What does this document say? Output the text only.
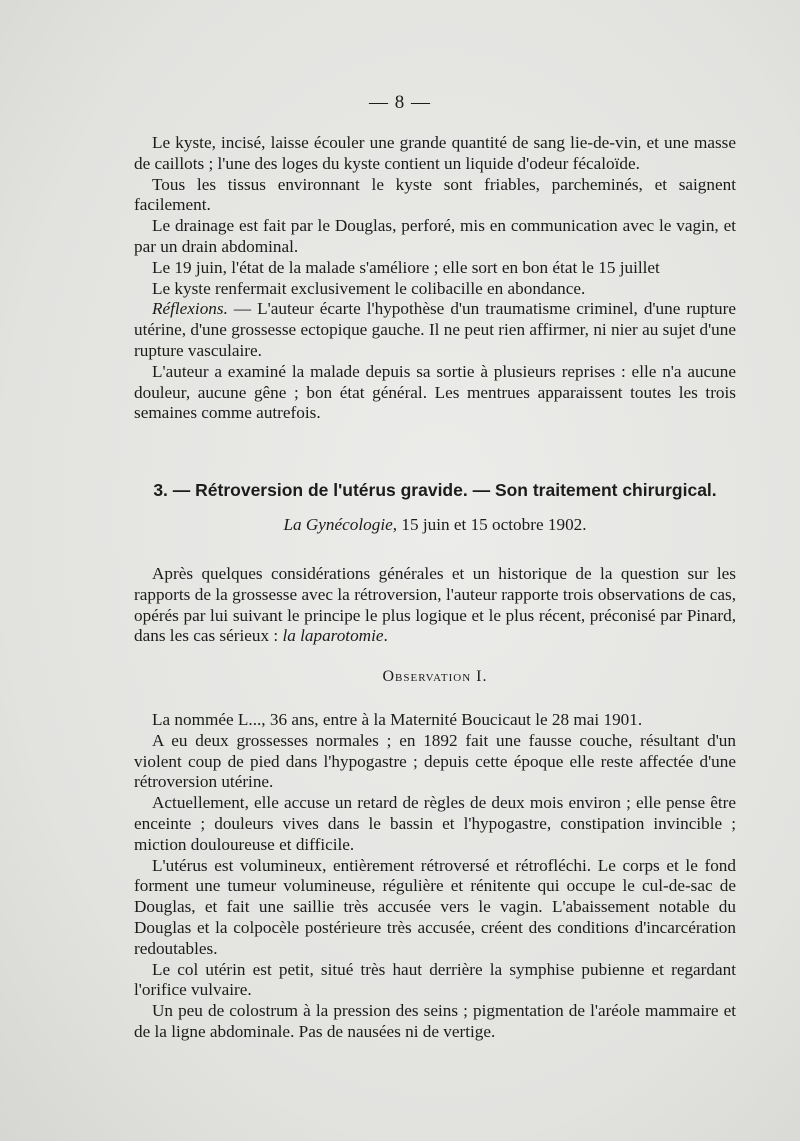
— 8 —

Le kyste, incisé, laisse écouler une grande quantité de sang lie-de-vin, et une masse de caillots ; l'une des loges du kyste contient un liquide d'odeur fécaloïde.

Tous les tissus environnant le kyste sont friables, parcheminés, et saignent facilement.

Le drainage est fait par le Douglas, perforé, mis en communication avec le vagin, et par un drain abdominal.

Le 19 juin, l'état de la malade s'améliore ; elle sort en bon état le 15 juillet

Le kyste renfermait exclusivement le colibacille en abondance.

Réflexions. — L'auteur écarte l'hypothèse d'un traumatisme criminel, d'une rupture utérine, d'une grossesse ectopique gauche. Il ne peut rien affirmer, ni nier au sujet d'une rupture vasculaire.

L'auteur a examiné la malade depuis sa sortie à plusieurs reprises : elle n'a aucune douleur, aucune gêne ; bon état général. Les mentrues apparaissent toutes les trois semaines comme autrefois.

3. — Rétroversion de l'utérus gravide. — Son traitement chirurgical.
La Gynécologie, 15 juin et 15 octobre 1902.

Après quelques considérations générales et un historique de la question sur les rapports de la grossesse avec la rétroversion, l'auteur rapporte trois observations de cas, opérés par lui suivant le principe le plus logique et le plus récent, préconisé par Pinard, dans les cas sérieux : la laparotomie.

Observation I.

La nommée L..., 36 ans, entre à la Maternité Boucicaut le 28 mai 1901.

A eu deux grossesses normales ; en 1892 fait une fausse couche, résultant d'un violent coup de pied dans l'hypogastre ; depuis cette époque elle reste affectée d'une rétroversion utérine.

Actuellement, elle accuse un retard de règles de deux mois environ ; elle pense être enceinte ; douleurs vives dans le bassin et l'hypogastre, constipation invincible ; miction douloureuse et difficile.

L'utérus est volumineux, entièrement rétroversé et rétrofléchi. Le corps et le fond forment une tumeur volumineuse, régulière et rénitente qui occupe le cul-de-sac de Douglas, et fait une saillie très accusée vers le vagin. L'abaissement notable du Douglas et la colpocèle postérieure très accusée, créent des conditions d'incarcération redoutables.

Le col utérin est petit, situé très haut derrière la symphise pubienne et regardant l'orifice vulvaire.

Un peu de colostrum à la pression des seins ; pigmentation de l'aréole mammaire et de la ligne abdominale. Pas de nausées ni de vertige.
